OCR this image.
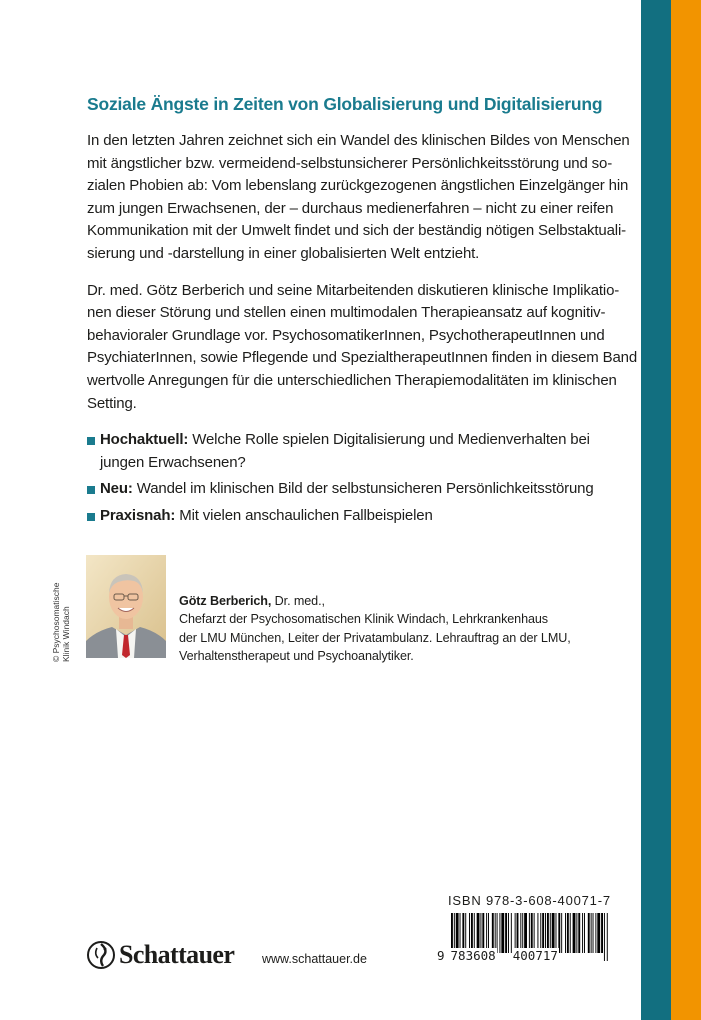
Soziale Ängste in Zeiten von Globalisierung und Digitalisierung

In den letzten Jahren zeichnet sich ein Wandel des klinischen Bildes von Menschen
mit ängstlicher bzw. vermeidend-selbstunsicherer Persönlichkeitsstörung und so-
zialen Phobien ab: Vom lebenslang zurückgezogenen ängstlichen Einzelgänger hin
zum jungen Erwachsenen, der – durchaus medienerfahren – nicht zu einer reifen
Kommunikation mit der Umwelt findet und sich der beständig nötigen Selbstaktuali-
sierung und -darstellung in einer globalisierten Welt entzieht.

Dr. med. Götz Berberich und seine Mitarbeitenden diskutieren klinische Implikatio-
nen dieser Störung und stellen einen multimodalen Therapieansatz auf kognitiv-
behavioraler Grundlage vor. PsychosomatikerInnen, PsychotherapeutInnen und
PsychiaterInnen, sowie Pflegende und SpezialtherapeutInnen finden in diesem Band
wertvolle Anregungen für die unterschiedlichen Therapiemodalitäten im klinischen
Setting.

Hochaktuell: Welche Rolle spielen Digitalisierung und Medienverhalten bei
jungen Erwachsenen?
Neu: Wandel im klinischen Bild der selbstunsicheren Persönlichkeitsstörung
Praxisnah: Mit vielen anschaulichen Fallbeispielen
© Psychosomatische Klinik Windach
Götz Berberich, Dr. med.,
Chefarzt der Psychosomatischen Klinik Windach, Lehrkrankenhaus
der LMU München, Leiter der Privatambulanz. Lehrauftrag an der LMU,
Verhaltenstherapeut und Psychoanalytiker.
ISBN 978-3-608-40071-7
9 783608 400717
Schattauer www.schattauer.de
